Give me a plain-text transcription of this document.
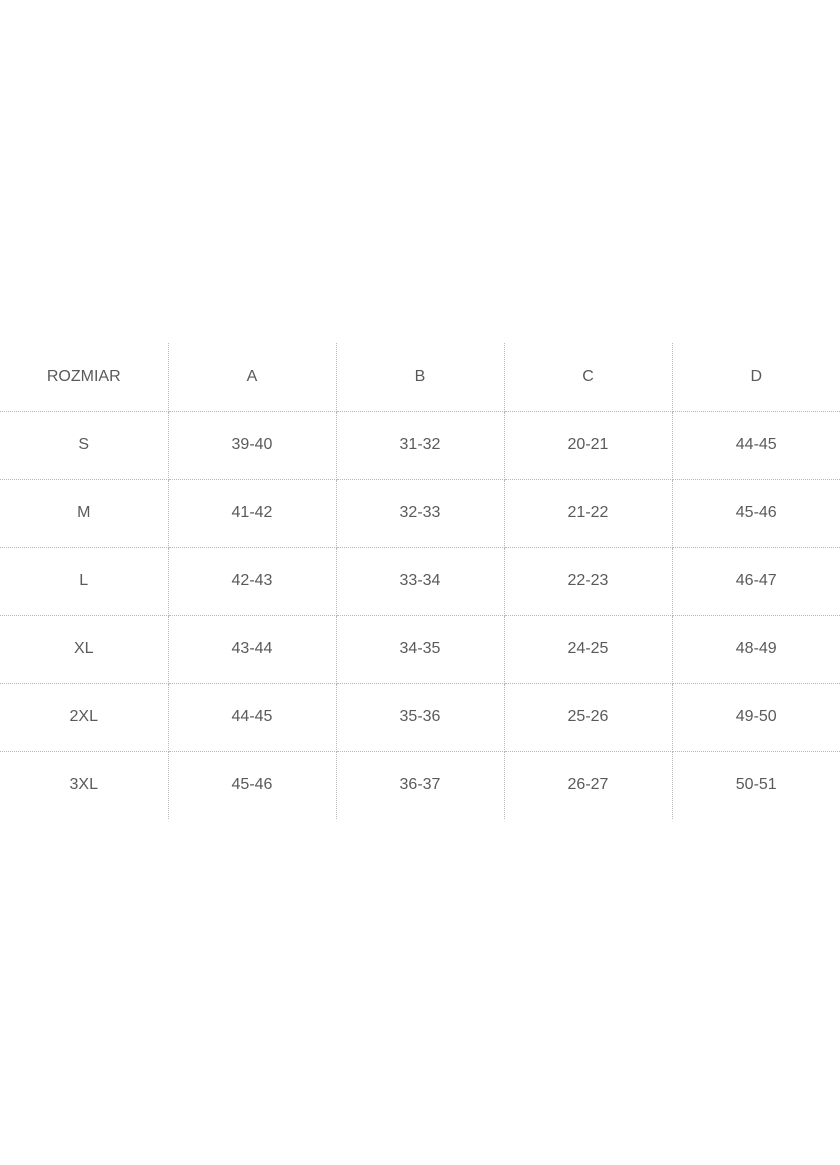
ROZMIAR	A	B	C	D
S	39-40	31-32	20-21	44-45
M	41-42	32-33	21-22	45-46
L	42-43	33-34	22-23	46-47
XL	43-44	34-35	24-25	48-49
2XL	44-45	35-36	25-26	49-50
3XL	45-46	36-37	26-27	50-51
